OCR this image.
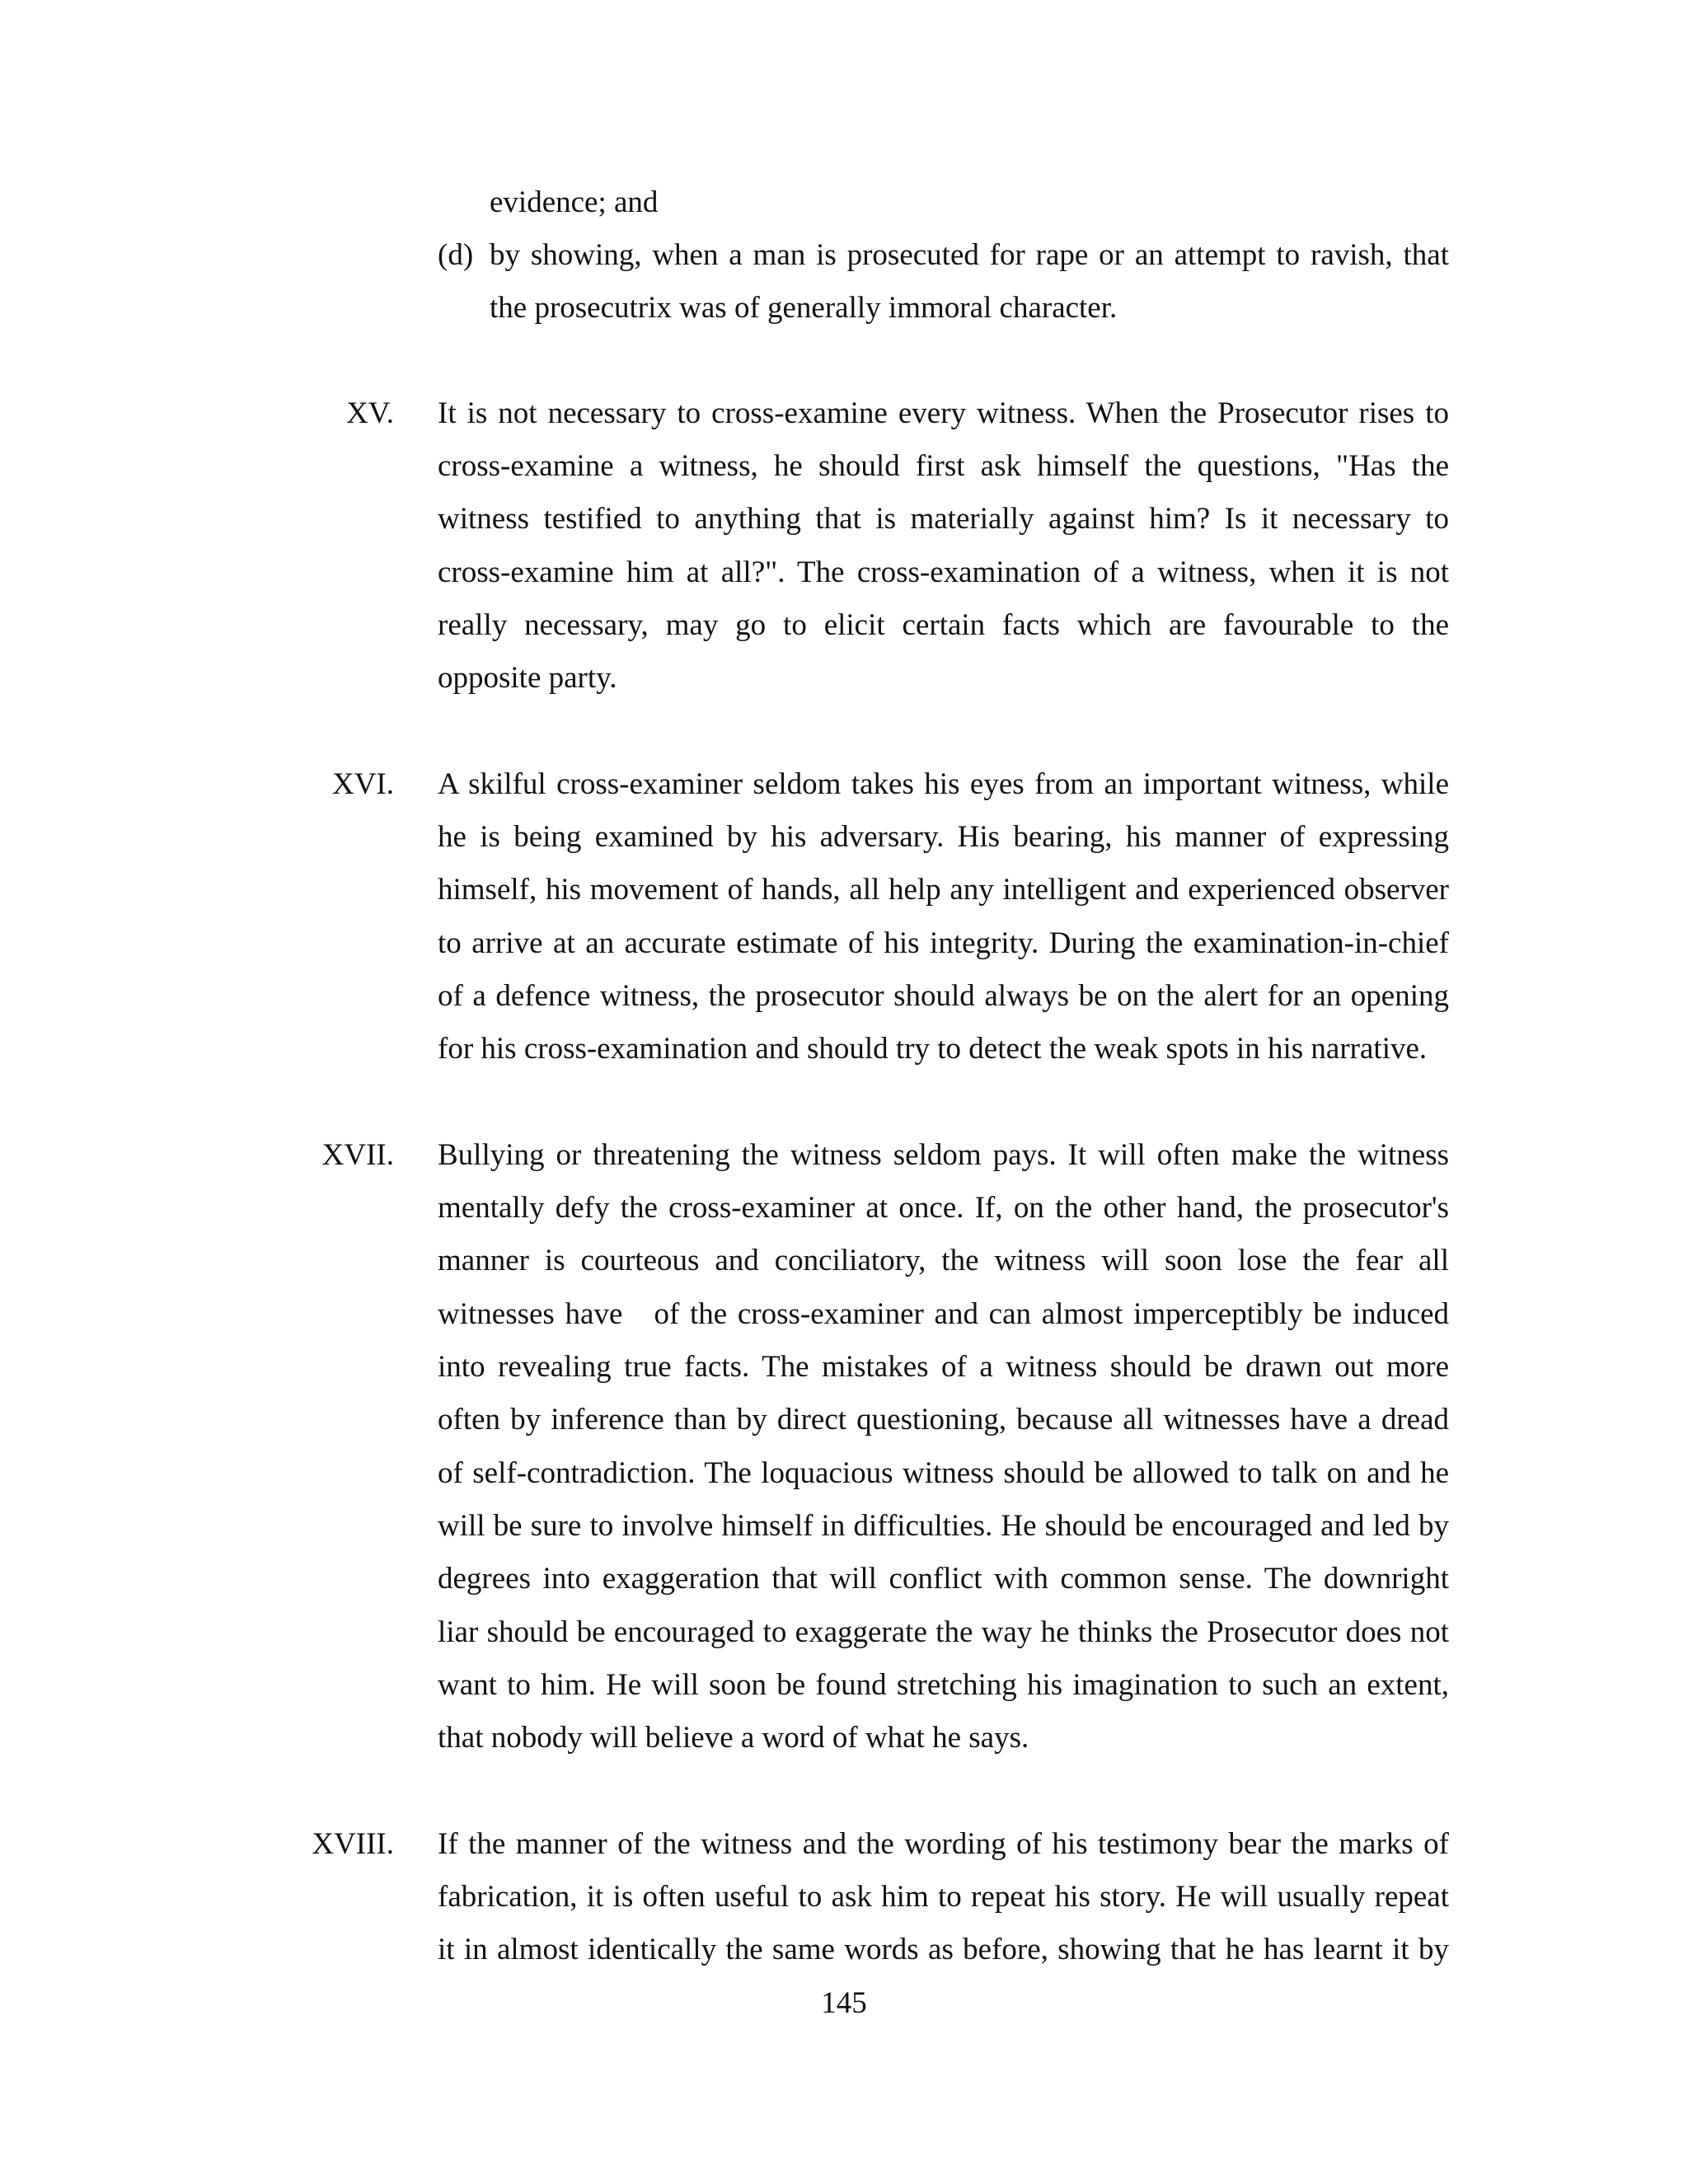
evidence; and
(d) by showing, when a man is prosecuted for rape or an attempt to ravish, that
the prosecutrix was of generally immoral character.
XV. It is not necessary to cross-examine every witness. When the Prosecutor rises to
cross-examine a witness, he should first ask himself the questions, "Has the
witness testified to anything that is materially against him? Is it necessary to
cross-examine him at all?". The cross-examination of a witness, when it is not
really necessary, may go to elicit certain facts which are favourable to the
opposite party.
XVI. A skilful cross-examiner seldom takes his eyes from an important witness, while
he is being examined by his adversary. His bearing, his manner of expressing
himself, his movement of hands, all help any intelligent and experienced observer
to arrive at an accurate estimate of his integrity. During the examination-in-chief
of a defence witness, the prosecutor should always be on the alert for an opening
for his cross-examination and should try to detect the weak spots in his narrative.
XVII. Bullying or threatening the witness seldom pays. It will often make the witness
mentally defy the cross-examiner at once. If, on the other hand, the prosecutor's
manner is courteous and conciliatory, the witness will soon lose the fear all
witnesses have   of the cross-examiner and can almost imperceptibly be induced
into revealing true facts. The mistakes of a witness should be drawn out more
often by inference than by direct questioning, because all witnesses have a dread
of self-contradiction. The loquacious witness should be allowed to talk on and he
will be sure to involve himself in difficulties. He should be encouraged and led by
degrees into exaggeration that will conflict with common sense. The downright
liar should be encouraged to exaggerate the way he thinks the Prosecutor does not
want to him. He will soon be found stretching his imagination to such an extent,
that nobody will believe a word of what he says.
XVIII. If the manner of the witness and the wording of his testimony bear the marks of
fabrication, it is often useful to ask him to repeat his story. He will usually repeat
it in almost identically the same words as before, showing that he has learnt it by
145
